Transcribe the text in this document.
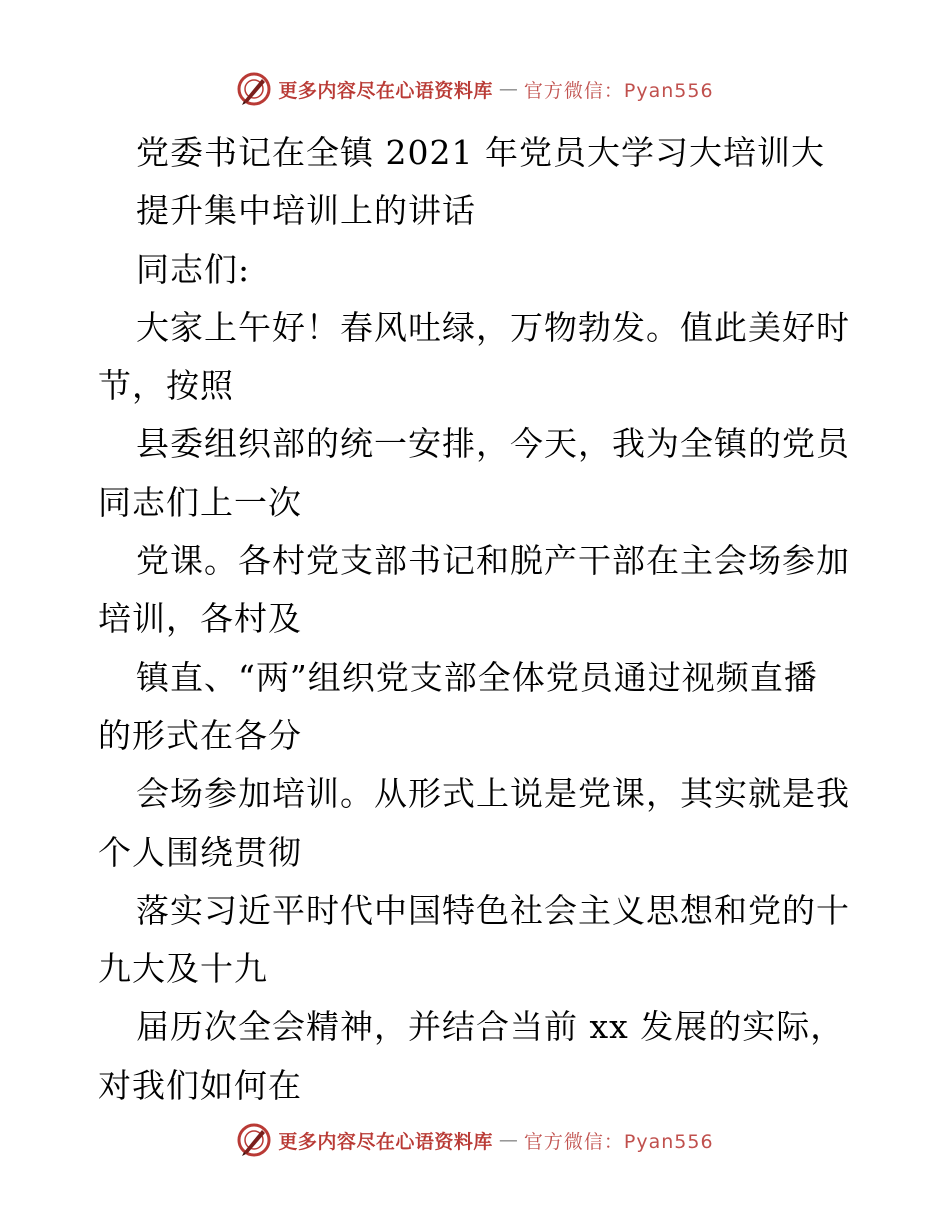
更多内容尽在心语资料库 — 官方微信：Pyan556
党委书记在全镇 2021 年党员大学习大培训大
提升集中培训上的讲话
同志们:
大家上午好！春风吐绿，万物勃发。值此美好时
节，按照
县委组织部的统一安排，今天，我为全镇的党员
同志们上一次
党课。各村党支部书记和脱产干部在主会场参加
培训，各村及
镇直、“两”组织党支部全体党员通过视频直播
的形式在各分
会场参加培训。从形式上说是党课，其实就是我
个人围绕贯彻
落实习近平时代中国特色社会主义思想和党的十
九大及十九
届历次全会精神，并结合当前 xx 发展的实际，
对我们如何在
更多内容尽在心语资料库 — 官方微信：Pyan556
